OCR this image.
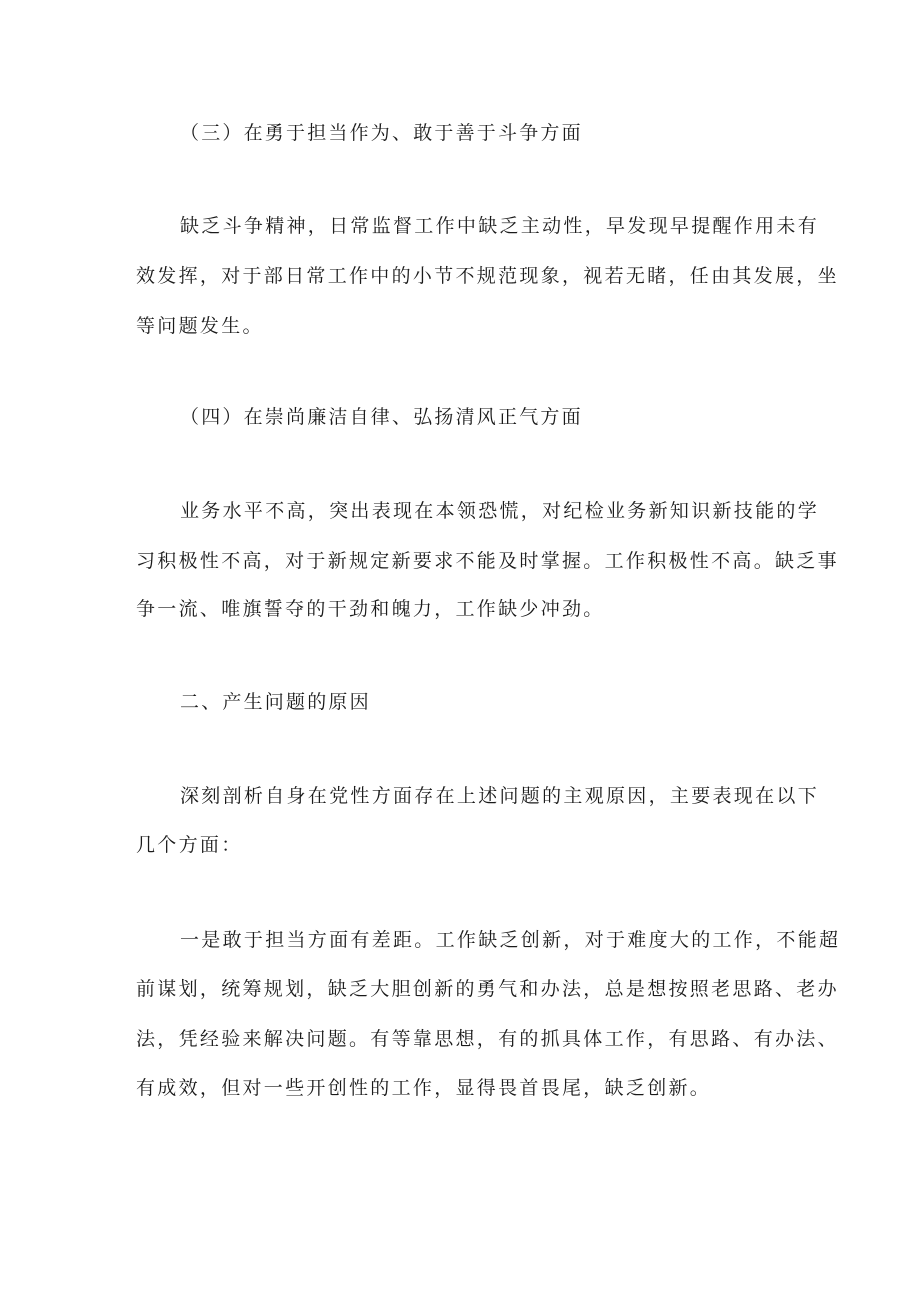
（三）在勇于担当作为、敢于善于斗争方面
缺乏斗争精神，日常监督工作中缺乏主动性，早发现早提醒作用未有
效发挥，对于部日常工作中的小节不规范现象，视若无睹，任由其发展，坐
等问题发生。
（四）在崇尚廉洁自律、弘扬清风正气方面
业务水平不高，突出表现在本领恐慌，对纪检业务新知识新技能的学
习积极性不高，对于新规定新要求不能及时掌握。工作积极性不高。缺乏事
争一流、唯旗誓夺的干劲和魄力，工作缺少冲劲。
二、产生问题的原因
深刻剖析自身在党性方面存在上述问题的主观原因，主要表现在以下
几个方面：
一是敢于担当方面有差距。工作缺乏创新，对于难度大的工作，不能超
前谋划，统筹规划，缺乏大胆创新的勇气和办法，总是想按照老思路、老办
法，凭经验来解决问题。有等靠思想，有的抓具体工作，有思路、有办法、
有成效，但对一些开创性的工作，显得畏首畏尾，缺乏创新。
